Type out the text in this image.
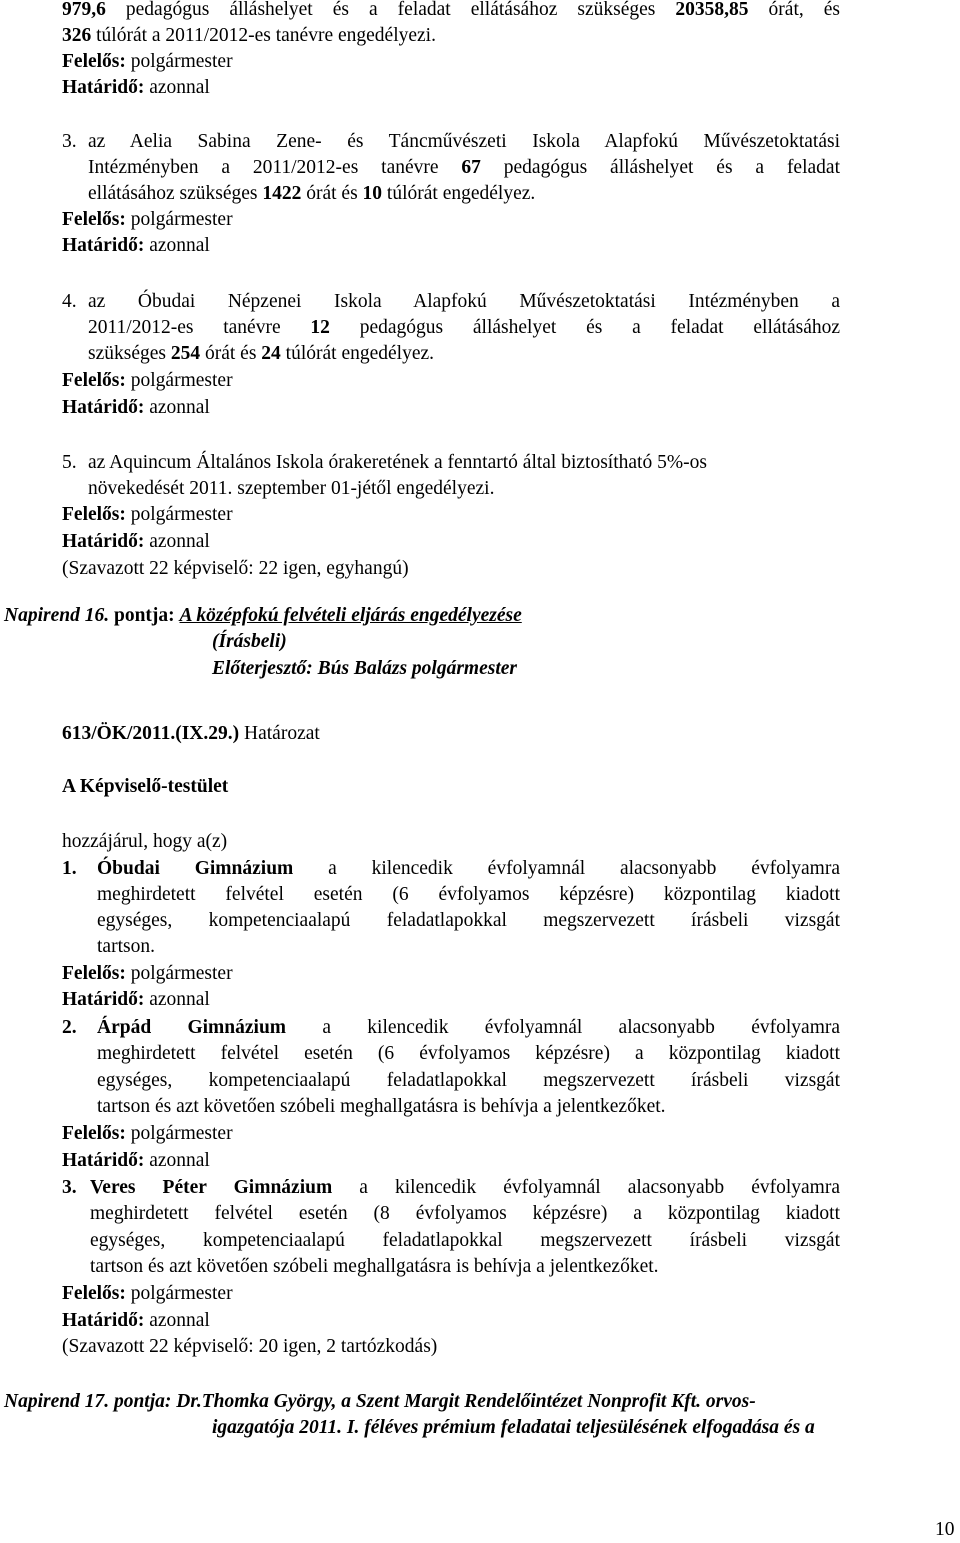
979,6 pedagógus álláshelyet és a feladat ellátásához szükséges 20358,85 órát, és
326 túlórát a 2011/2012-es tanévre engedélyezi.
Felelős: polgármester
Határidő: azonnal
3. az Aelia Sabina Zene- és Táncművészeti Iskola Alapfokú Művészetoktatási
Intézményben a 2011/2012-es tanévre 67 pedagógus álláshelyet és a feladat
ellátásához szükséges 1422 órát és 10 túlórát engedélyez.
Felelős: polgármester
Határidő: azonnal
4. az Óbudai Népzenei Iskola Alapfokú Művészetoktatási Intézményben a
2011/2012-es tanévre 12 pedagógus álláshelyet és a feladat ellátásához
szükséges 254 órát és 24 túlórát engedélyez.
Felelős: polgármester
Határidő: azonnal
5. az Aquincum Általános Iskola órakeretének a fenntartó által biztosítható 5%-os
növekedését 2011. szeptember 01-jétől engedélyezi.
Felelős: polgármester
Határidő: azonnal
(Szavazott 22 képviselő: 22 igen, egyhangú)
Napirend 16. pontja: A középfokú felvételi eljárás engedélyezése
(Írásbeli)
Előterjesztő: Bús Balázs polgármester
613/ÖK/2011.(IX.29.) Határozat
A Képviselő-testület
hozzájárul, hogy a(z)
1. Óbudai Gimnázium a kilencedik évfolyamnál alacsonyabb évfolyamra
meghirdetett felvétel esetén (6 évfolyamos képzésre) központilag kiadott
egységes, kompetenciaalapú feladatlapokkal megszervezett írásbeli vizsgát
tartson.
Felelős: polgármester
Határidő: azonnal
2. Árpád Gimnázium a kilencedik évfolyamnál alacsonyabb évfolyamra
meghirdetett felvétel esetén (6 évfolyamos képzésre) a központilag kiadott
egységes, kompetenciaalapú feladatlapokkal megszervezett írásbeli vizsgát
tartson és azt követően szóbeli meghallgatásra is behívja a jelentkezőket.
Felelős: polgármester
Határidő: azonnal
3. Veres Péter Gimnázium a kilencedik évfolyamnál alacsonyabb évfolyamra
meghirdetett felvétel esetén (8 évfolyamos képzésre) a központilag kiadott
egységes, kompetenciaalapú feladatlapokkal megszervezett írásbeli vizsgát
tartson és azt követően szóbeli meghallgatásra is behívja a jelentkezőket.
Felelős: polgármester
Határidő: azonnal
(Szavazott 22 képviselő: 20 igen, 2 tartózkodás)
Napirend 17. pontja: Dr.Thomka György, a Szent Margit Rendelőintézet Nonprofit Kft. orvos-
igazgatója 2011. I. féléves prémium feladatai teljesülésének elfogadása és a
10
